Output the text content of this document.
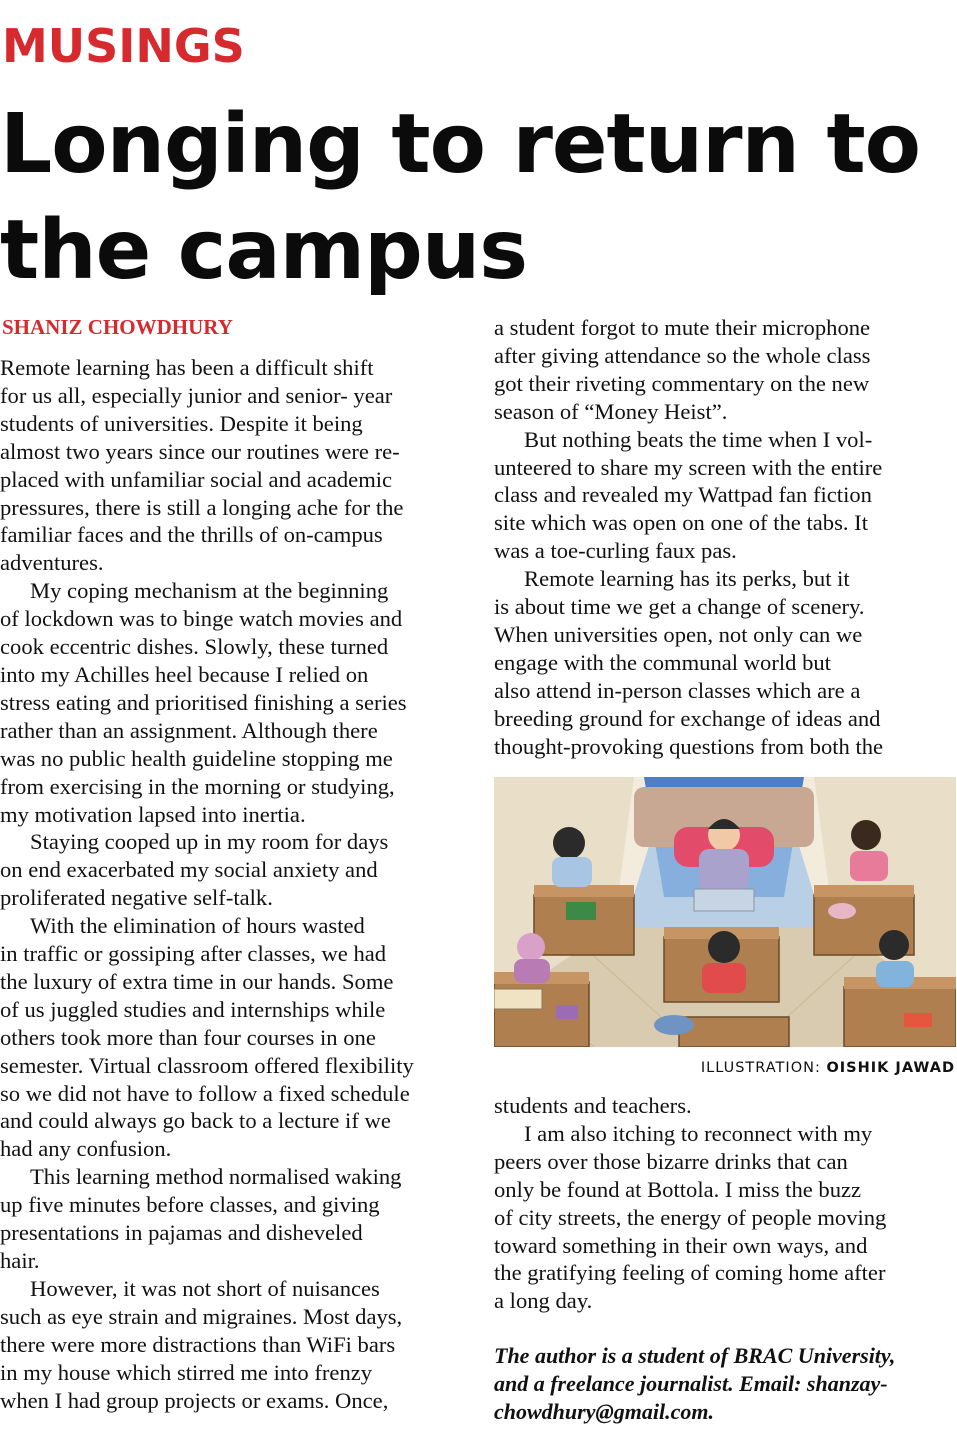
MUSINGS
Longing to return to
the campus
SHANIZ CHOWDHURY

Remote learning has been a difficult shift

for us all, especially junior and senior- year

students of universities. Despite it being

almost two years since our routines were re-

placed with unfamiliar social and academic

pressures, there is still a longing ache for the

familiar faces and the thrills of on-campus

adventures.

My coping mechanism at the beginning

of lockdown was to binge watch movies and

cook eccentric dishes. Slowly, these turned

into my Achilles heel because I relied on

stress eating and prioritised finishing a series

rather than an assignment. Although there

was no public health guideline stopping me

from exercising in the morning or studying,

my motivation lapsed into inertia.

Staying cooped up in my room for days

on end exacerbated my social anxiety and

proliferated negative self-talk.

With the elimination of hours wasted

in traffic or gossiping after classes, we had

the luxury of extra time in our hands. Some

of us juggled studies and internships while

others took more than four courses in one

semester. Virtual classroom offered flexibility

so we did not have to follow a fixed schedule

and could always go back to a lecture if we

had any confusion.

This learning method normalised waking

up five minutes before classes, and giving

presentations in pajamas and disheveled

hair.

However, it was not short of nuisances

such as eye strain and migraines. Most days,

there were more distractions than WiFi bars

in my house which stirred me into frenzy

when I had group projects or exams. Once,

a student forgot to mute their microphone

after giving attendance so the whole class

got their riveting commentary on the new

season of “Money Heist”.

But nothing beats the time when I vol-

unteered to share my screen with the entire

class and revealed my Wattpad fan fiction

site which was open on one of the tabs. It

was a toe-curling faux pas.

Remote learning has its perks, but it

is about time we get a change of scenery.

When universities open, not only can we

engage with the communal world but

also attend in-person classes which are a

breeding ground for exchange of ideas and

thought-provoking questions from both the

ILLUSTRATION: OISHIK JAWAD

students and teachers.

I am also itching to reconnect with my

peers over those bizarre drinks that can

only be found at Bottola. I miss the buzz

of city streets, the energy of people moving

toward something in their own ways, and

the gratifying feeling of coming home after

a long day.

The author is a student of BRAC University,

and a freelance journalist. Email: shanzay-

chowdhury@gmail.com.
